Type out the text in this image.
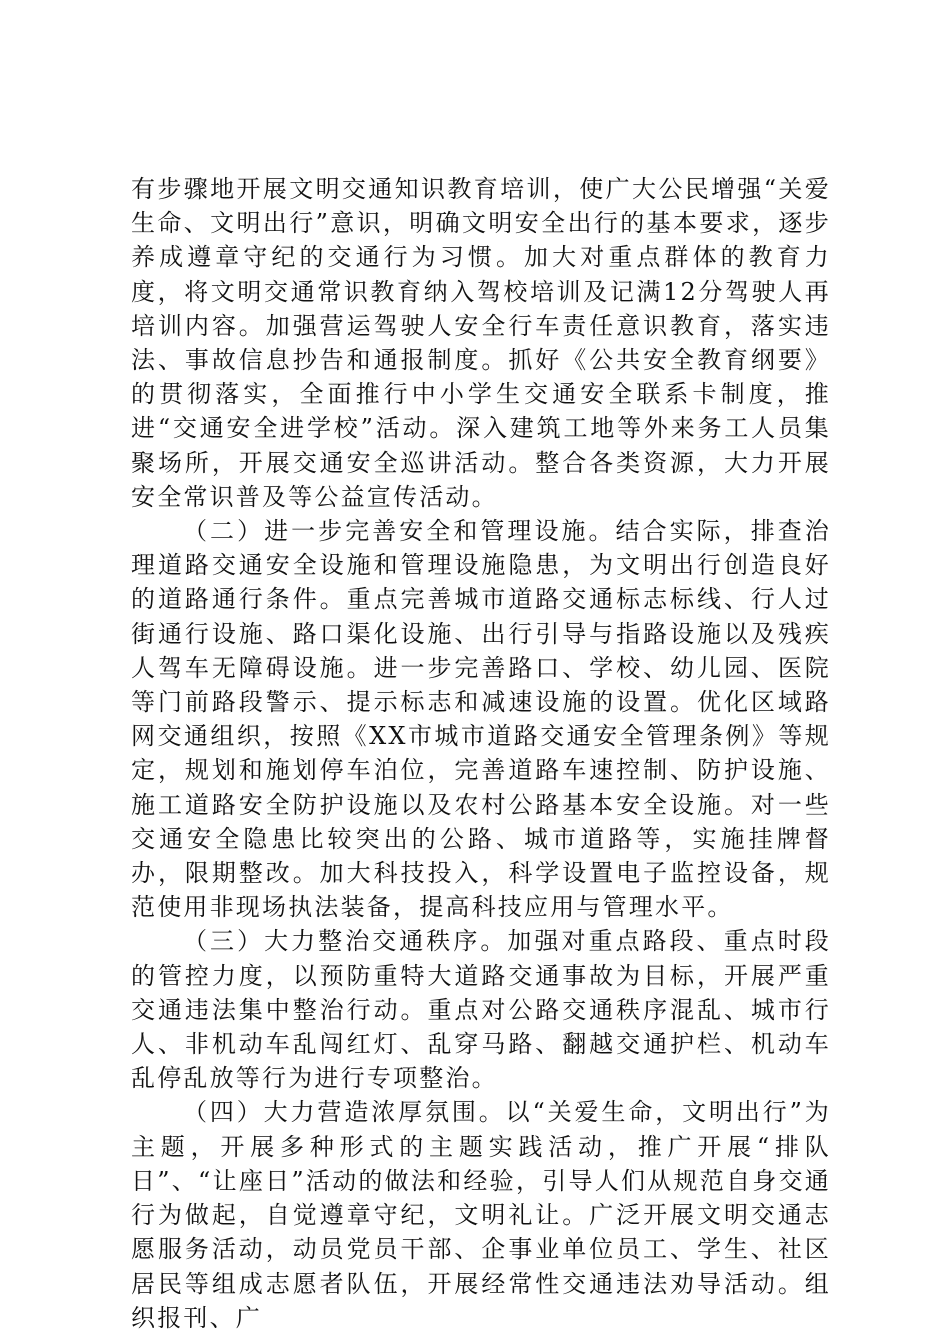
有步骤地开展文明交通知识教育培训，使广大公民增强“关爱生命、文明出行”意识，明确文明安全出行的基本要求，逐步养成遵章守纪的交通行为习惯。加大对重点群体的教育力度，将文明交通常识教育纳入驾校培训及记满12分驾驶人再培训内容。加强营运驾驶人安全行车责任意识教育，落实违法、事故信息抄告和通报制度。抓好《公共安全教育纲要》的贯彻落实，全面推行中小学生交通安全联系卡制度，推进“交通安全进学校”活动。深入建筑工地等外来务工人员集聚场所，开展交通安全巡讲活动。整合各类资源，大力开展安全常识普及等公益宣传活动。

（二）进一步完善安全和管理设施。结合实际，排查治理道路交通安全设施和管理设施隐患，为文明出行创造良好的道路通行条件。重点完善城市道路交通标志标线、行人过街通行设施、路口渠化设施、出行引导与指路设施以及残疾人驾车无障碍设施。进一步完善路口、学校、幼儿园、医院等门前路段警示、提示标志和减速设施的设置。优化区域路网交通组织，按照《XX市城市道路交通安全管理条例》等规定，规划和施划停车泊位，完善道路车速控制、防护设施、施工道路安全防护设施以及农村公路基本安全设施。对一些交通安全隐患比较突出的公路、城市道路等，实施挂牌督办，限期整改。加大科技投入，科学设置电子监控设备，规范使用非现场执法装备，提高科技应用与管理水平。

（三）大力整治交通秩序。加强对重点路段、重点时段的管控力度，以预防重特大道路交通事故为目标，开展严重交通违法集中整治行动。重点对公路交通秩序混乱、城市行人、非机动车乱闯红灯、乱穿马路、翻越交通护栏、机动车乱停乱放等行为进行专项整治。

（四）大力营造浓厚氛围。以“关爱生命，文明出行”为主题，开展多种形式的主题实践活动，推广开展“排队日”、“让座日”活动的做法和经验，引导人们从规范自身交通行为做起，自觉遵章守纪，文明礼让。广泛开展文明交通志愿服务活动，动员党员干部、企事业单位员工、学生、社区居民等组成志愿者队伍，开展经常性交通违法劝导活动。组织报刊、广
